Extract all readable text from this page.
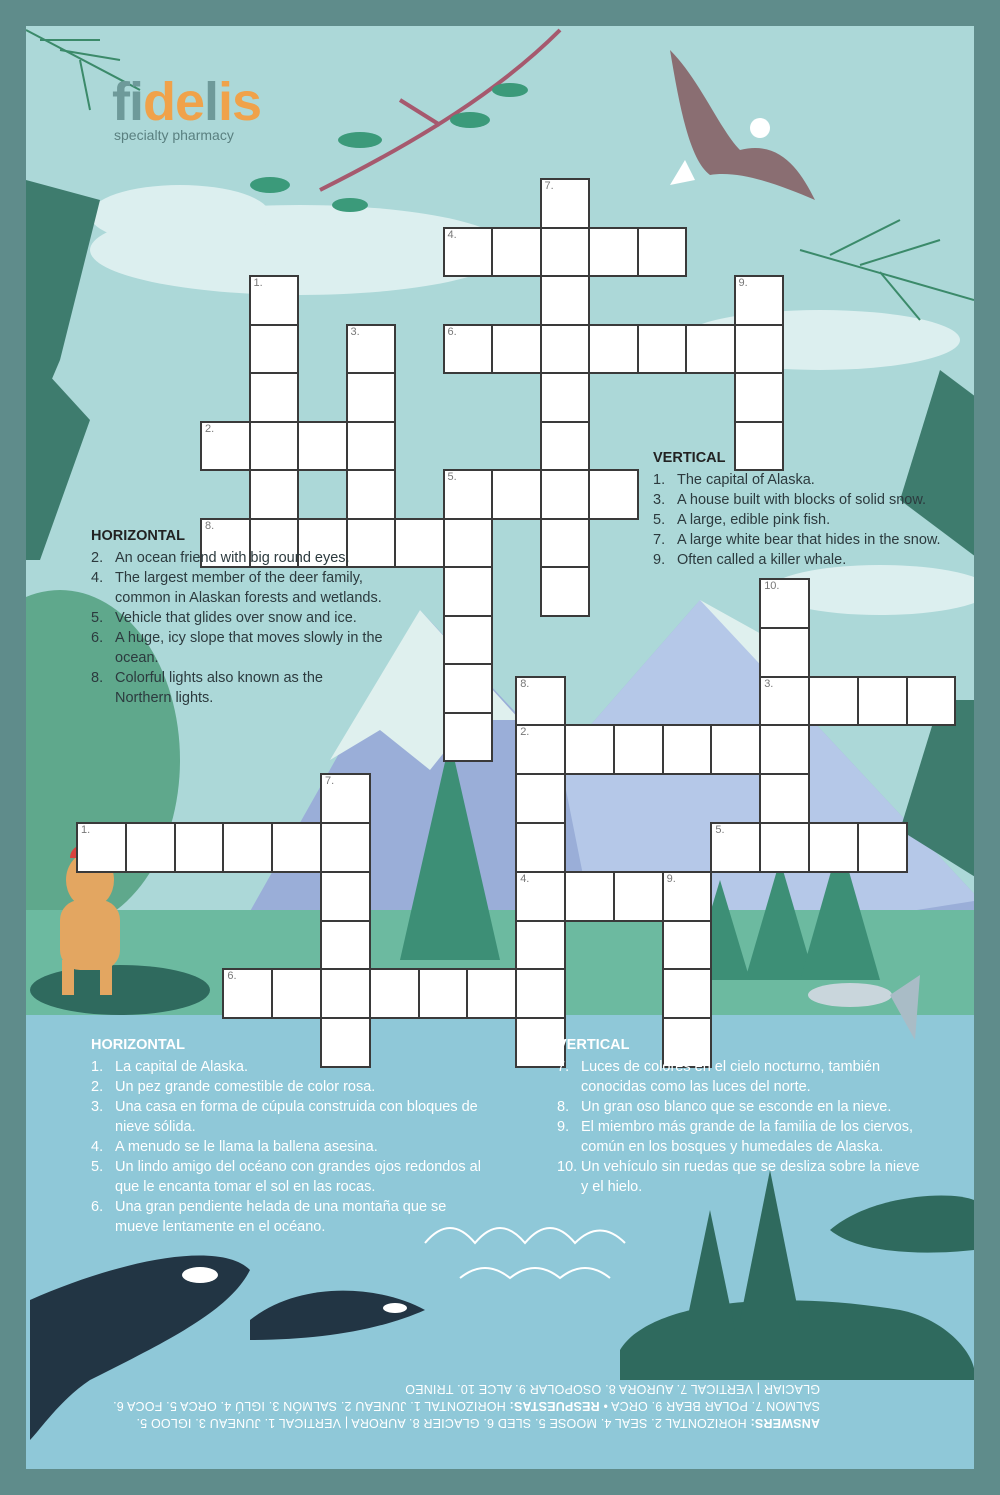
fidelis
specialty pharmacy
7.
4.
9.
1.
3.	6.
2.
5.
8.
10.
8.	3.
2.
7.
1.	5.
4.	9.
6.
HORIZONTAL
2. An ocean friend with big round eyes.
4. The largest member of the deer family, common in Alaskan forests and wetlands.
5. Vehicle that glides over snow and ice.
6. A huge, icy slope that moves slowly in the ocean.
8. Colorful lights also known as the Northern lights.
VERTICAL
1. The capital of Alaska.
3. A house built with blocks of solid snow.
5. A large, edible pink fish.
7. A large white bear that hides in the snow.
9. Often called a killer whale.
HORIZONTAL
1. La capital de Alaska.
2. Un pez grande comestible de color rosa.
3. Una casa en forma de cúpula construida con bloques de nieve sólida.
4. A menudo se le llama la ballena asesina.
5. Un lindo amigo del océano con grandes ojos redondos al que le encanta tomar el sol en las rocas.
6. Una gran pendiente helada de una montaña que se mueve lentamente en el océano.
VERTICAL
7. Luces de colores en el cielo nocturno, también conocidas como las luces del norte.
8. Un gran oso blanco que se esconde en la nieve.
9. El miembro más grande de la familia de los ciervos, común en los bosques y humedales de Alaska.
10. Un vehículo sin ruedas que se desliza sobre la nieve y el hielo.
ANSWERS: HORIZONTAL 2. SEAL 4. MOOSE 5. SLED 6. GLACIER 8. AURORA | VERTICAL 1. JUNEAU 3. IGLOO 5. SALMON 7. POLAR BEAR 9. ORCA • RESPUESTAS: HORIZONTAL 1. JUNEAU 2. SALMÓN 3. IGLÚ 4. ORCA 5. FOCA 6. GLACIAR | VERTICAL 7. AURORA 8. OSOPOLAR 9. ALCE 10. TRINEO
